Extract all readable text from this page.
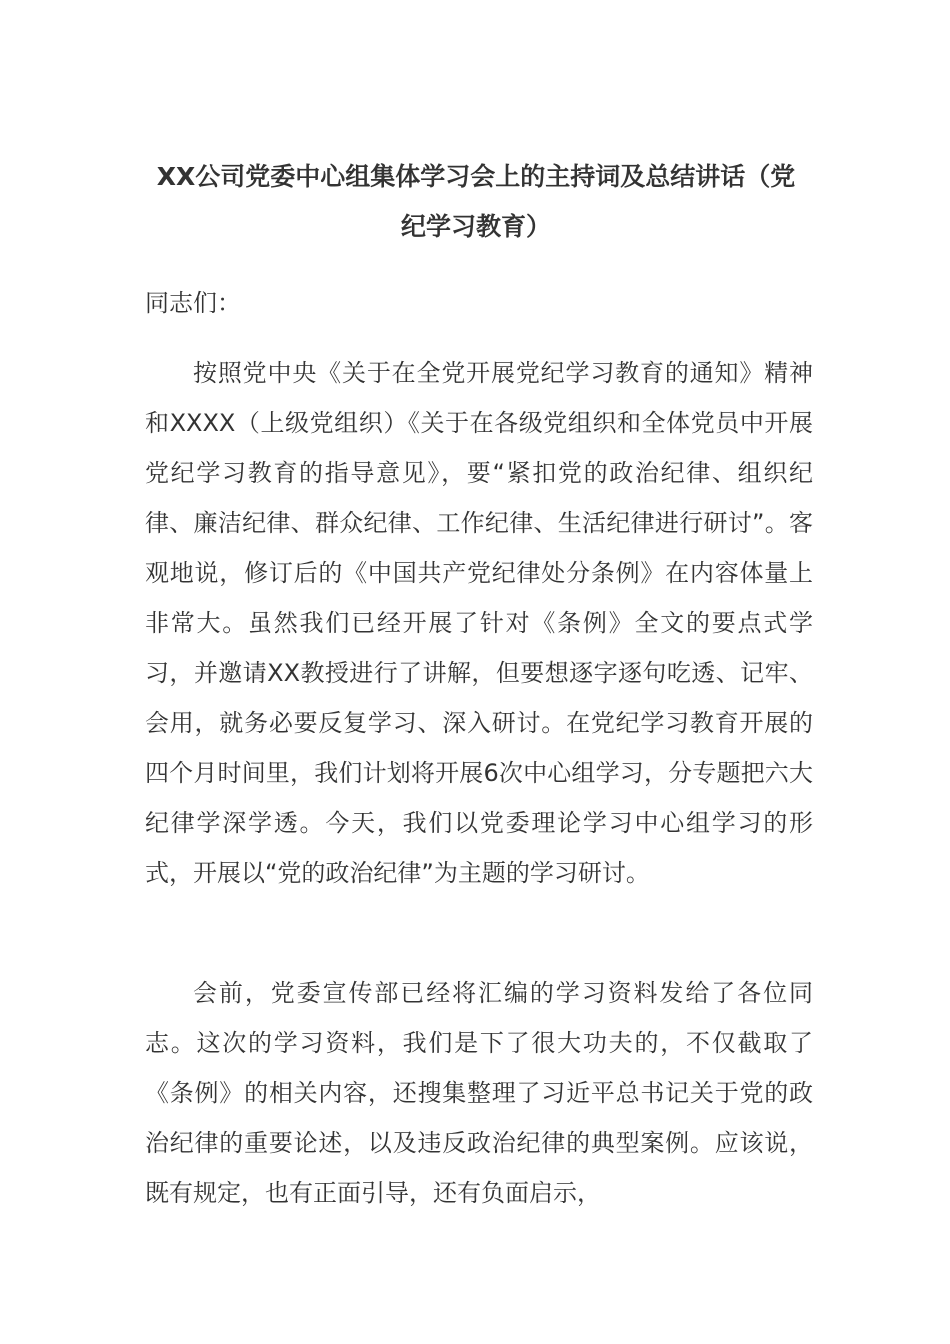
XX公司党委中心组集体学习会上的主持词及总结讲话（党纪学习教育）

同志们：

按照党中央《关于在全党开展党纪学习教育的通知》精神和XXXX（上级党组织）《关于在各级党组织和全体党员中开展党纪学习教育的指导意见》，要“紧扣党的政治纪律、组织纪律、廉洁纪律、群众纪律、工作纪律、生活纪律进行研讨”。客观地说，修订后的《中国共产党纪律处分条例》在内容体量上非常大。虽然我们已经开展了针对《条例》全文的要点式学习，并邀请XX教授进行了讲解，但要想逐字逐句吃透、记牢、会用，就务必要反复学习、深入研讨。在党纪学习教育开展的四个月时间里，我们计划将开展6次中心组学习，分专题把六大纪律学深学透。今天，我们以党委理论学习中心组学习的形式，开展以“党的政治纪律”为主题的学习研讨。

会前，党委宣传部已经将汇编的学习资料发给了各位同志。这次的学习资料，我们是下了很大功夫的，不仅截取了《条例》的相关内容，还搜集整理了习近平总书记关于党的政治纪律的重要论述，以及违反政治纪律的典型案例。应该说，既有规定，也有正面引导，还有负面启示，
